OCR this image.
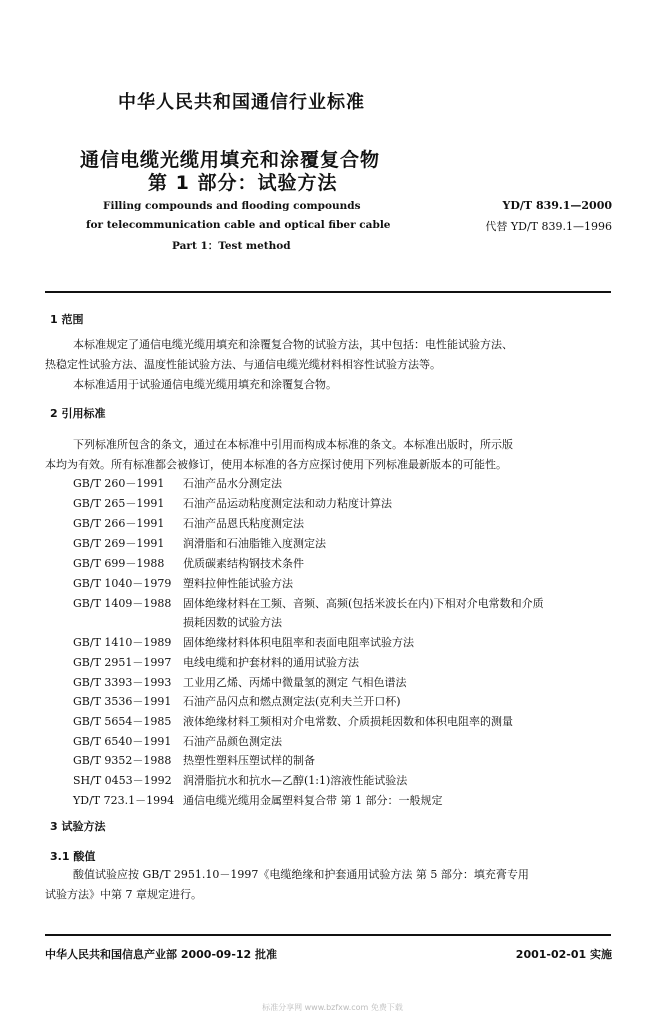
中华人民共和国通信行业标准
通信电缆光缆用填充和涂覆复合物
第 1 部分：试验方法
Filling compounds and flooding compounds
for telecommunication cable and optical fiber cable
Part 1：Test method
YD/T 839.1—2000
代替 YD/T 839.1—1996
1 范围
本标准规定了通信电缆光缆用填充和涂覆复合物的试验方法，其中包括：电性能试验方法、
热稳定性试验方法、温度性能试验方法、与通信电缆光缆材料相容性试验方法等。
本标准适用于试验通信电缆光缆用填充和涂覆复合物。
2 引用标准
下列标准所包含的条文，通过在本标准中引用而构成本标准的条文。本标准出版时，所示版
本均为有效。所有标准都会被修订，使用本标准的各方应探讨使用下列标准最新版本的可能性。
GB/T 260－1991 石油产品水分测定法
GB/T 265－1991 石油产品运动粘度测定法和动力粘度计算法
GB/T 266－1991 石油产品恩氏粘度测定法
GB/T 269－1991 润滑脂和石油脂锥入度测定法
GB/T 699－1988 优质碳素结构钢技术条件
GB/T 1040－1979 塑料拉伸性能试验方法
GB/T 1409－1988 固体绝缘材料在工频、音频、高频(包括米波长在内)下相对介电常数和介质
损耗因数的试验方法
GB/T 1410－1989 固体绝缘材料体积电阻率和表面电阻率试验方法
GB/T 2951－1997 电线电缆和护套材料的通用试验方法
GB/T 3393－1993 工业用乙烯、丙烯中微量氢的测定 气相色谱法
GB/T 3536－1991 石油产品闪点和燃点测定法(克利夫兰开口杯)
GB/T 5654－1985 液体绝缘材料工频相对介电常数、介质损耗因数和体积电阻率的测量
GB/T 6540－1991 石油产品颜色测定法
GB/T 9352－1988 热塑性塑料压塑试样的制备
SH/T 0453－1992 润滑脂抗水和抗水—乙醇(1:1)溶液性能试验法
YD/T 723.1－1994 通信电缆光缆用金属塑料复合带 第 1 部分：一般规定
3 试验方法
3.1 酸值
酸值试验应按 GB/T 2951.10－1997《电缆绝缘和护套通用试验方法 第 5 部分：填充膏专用
试验方法》中第 7 章规定进行。
中华人民共和国信息产业部 2000-09-12 批准	2001-02-01 实施
标准分享网 www.bzfxw.com 免费下载
